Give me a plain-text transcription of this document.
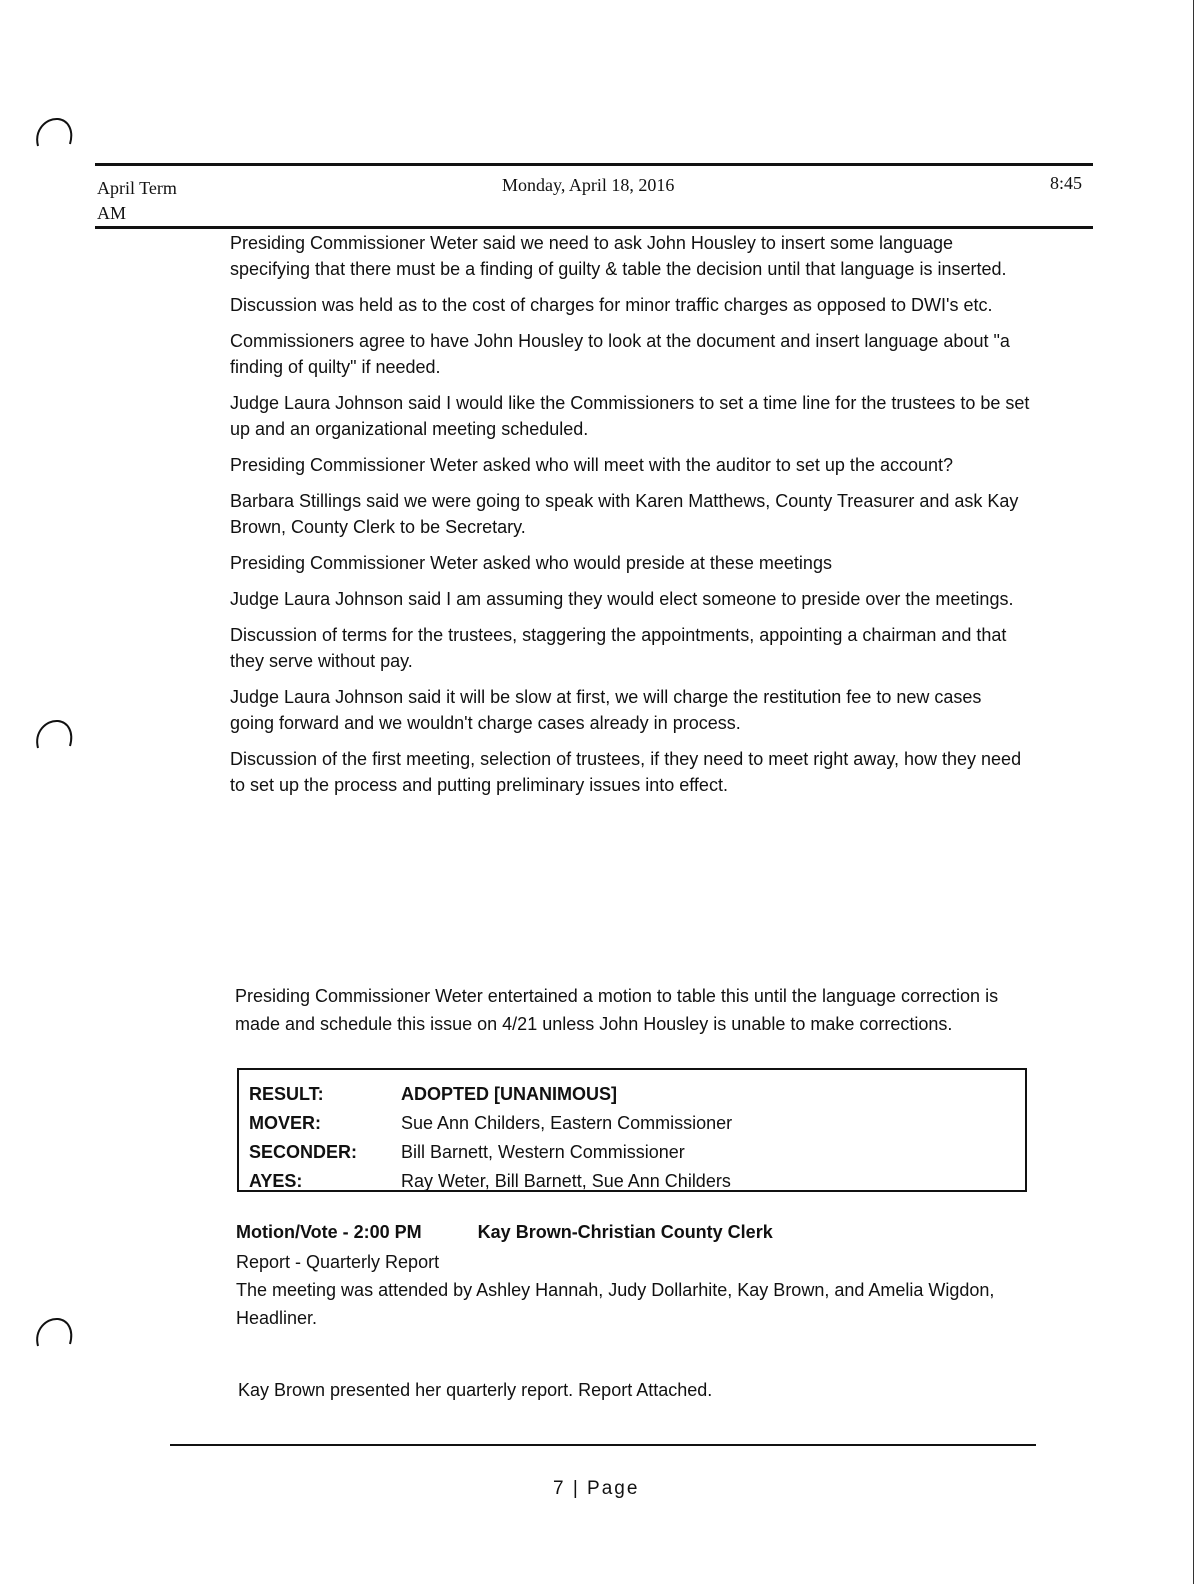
April Term
AM
Monday, April 18, 2016	8:45

Presiding Commissioner Weter said we need to ask John Housley to insert some language specifying that there must be a finding of guilty & table the decision until that language is inserted.

Discussion was held as to the cost of charges for minor traffic charges as opposed to DWI's etc.

Commissioners agree to have John Housley to look at the document and insert language about "a finding of quilty" if needed.

Judge Laura Johnson said I would like the Commissioners to set a time line for the trustees to be set up and an organizational meeting scheduled.

Presiding Commissioner Weter asked who will meet with the auditor to set up the account?

Barbara Stillings said we were going to speak with Karen Matthews, County Treasurer and ask Kay Brown, County Clerk to be Secretary.

Presiding Commissioner Weter asked who would preside at these meetings

Judge Laura Johnson said I am assuming they would elect someone to preside over the meetings.

Discussion of terms for the trustees, staggering the appointments, appointing a chairman and that they serve without pay.

Judge Laura Johnson said it will be slow at first, we will charge the restitution fee to new cases going forward and we wouldn't charge cases already in process.

Discussion of the first meeting, selection of trustees, if they need to meet right away, how they need to set up the process and putting preliminary issues into effect.

Presiding Commissioner Weter entertained a motion to table this until the language correction is made and schedule this issue on 4/21 unless John Housley is unable to make corrections.
RESULT:	ADOPTED [UNANIMOUS]
MOVER:	Sue Ann Childers, Eastern Commissioner
SECONDER:	Bill Barnett, Western Commissioner
AYES:	Ray Weter, Bill Barnett, Sue Ann Childers
Motion/Vote - 2:00 PM	Kay Brown-Christian County Clerk
Report - Quarterly Report
The meeting was attended by Ashley Hannah, Judy Dollarhite, Kay Brown, and Amelia Wigdon, Headliner.
Kay Brown presented her quarterly report. Report Attached.
7 | Page
